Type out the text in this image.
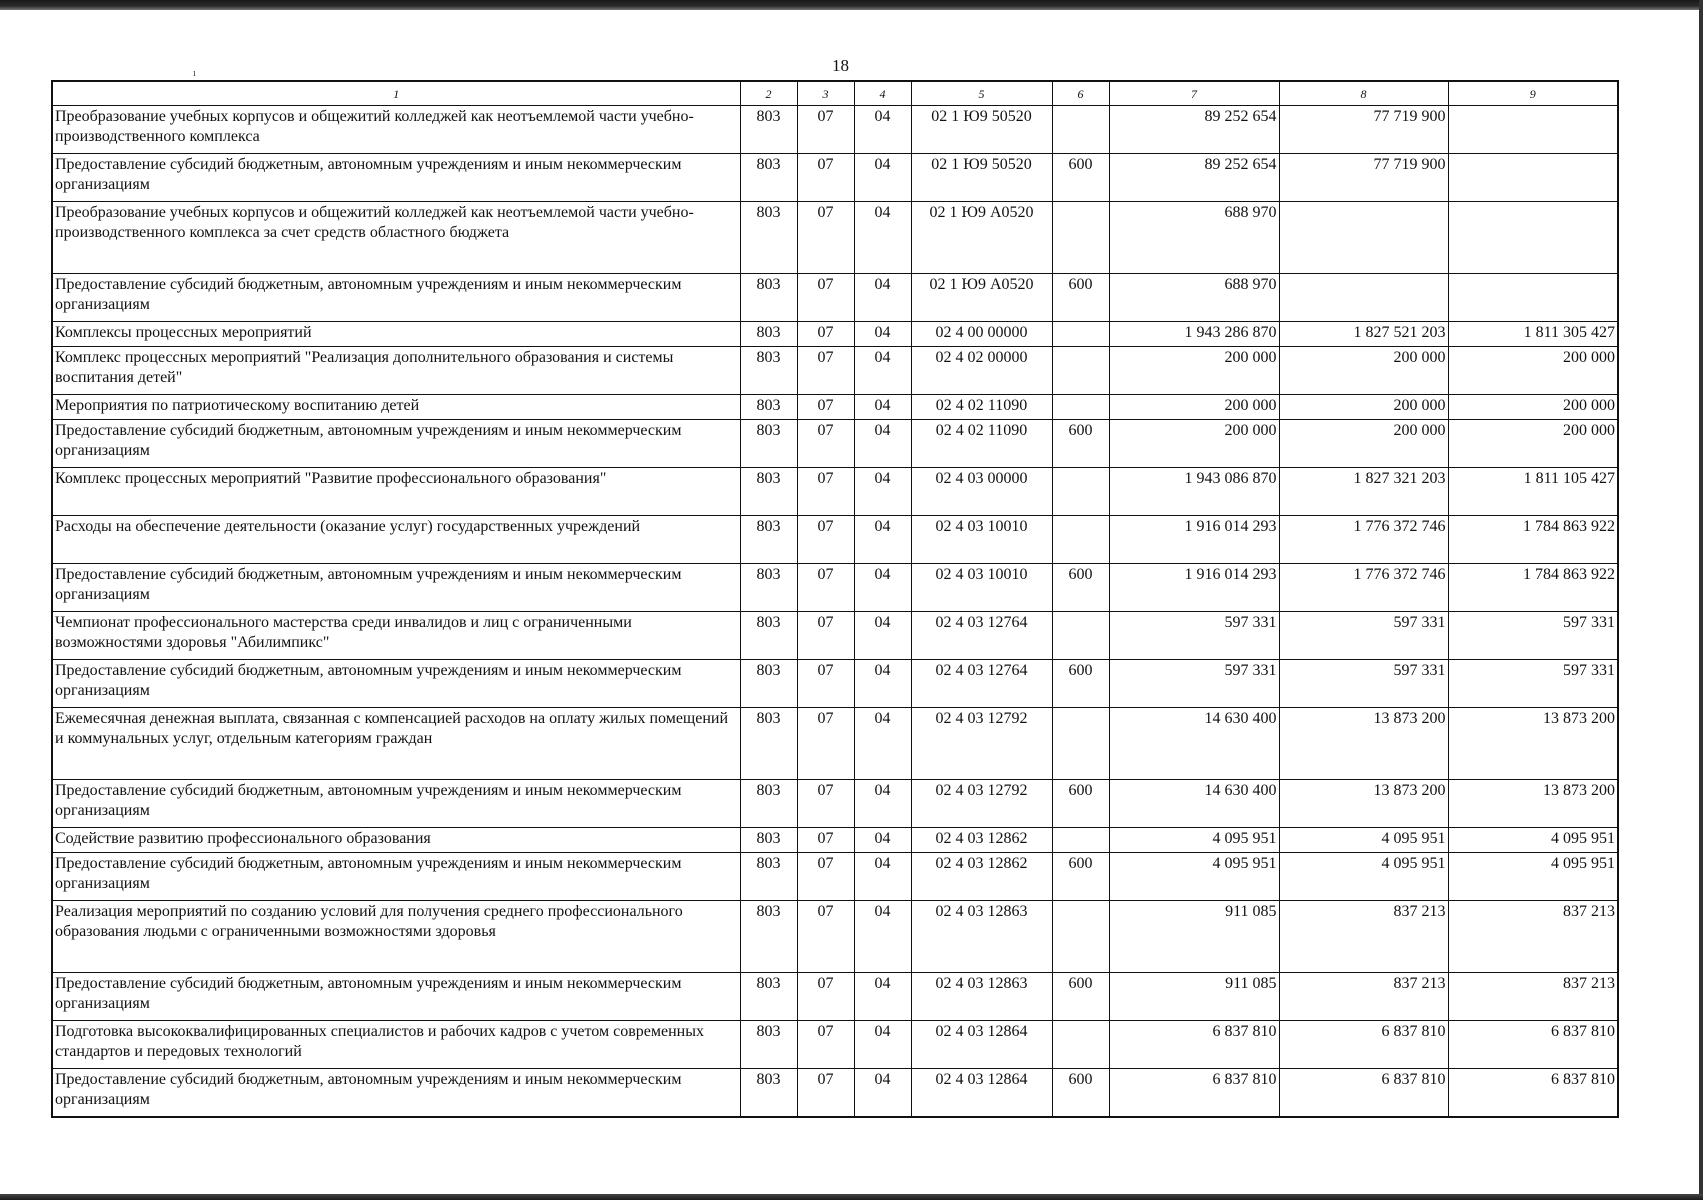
18
ı
1	2	3	4	5	6	7	8	9
Преобразование учебных корпусов и общежитий колледжей как неотъемлемой части учебно-производственного комплекса	803	07	04	02 1 Ю9 50520		89 252 654	77 719 900	
Предоставление субсидий бюджетным, автономным учреждениям и иным некоммерческим организациям	803	07	04	02 1 Ю9 50520	600	89 252 654	77 719 900	
Преобразование учебных корпусов и общежитий колледжей как неотъемлемой части учебно-производственного комплекса за счет средств областного бюджета	803	07	04	02 1 Ю9 А0520		688 970		
Предоставление субсидий бюджетным, автономным учреждениям и иным некоммерческим организациям	803	07	04	02 1 Ю9 А0520	600	688 970		
Комплексы процессных мероприятий	803	07	04	02 4 00 00000		1 943 286 870	1 827 521 203	1 811 305 427
Комплекс процессных мероприятий "Реализация дополнительного образования и системы воспитания детей"	803	07	04	02 4 02 00000		200 000	200 000	200 000
Мероприятия по патриотическому воспитанию детей	803	07	04	02 4 02 11090		200 000	200 000	200 000
Предоставление субсидий бюджетным, автономным учреждениям и иным некоммерческим организациям	803	07	04	02 4 02 11090	600	200 000	200 000	200 000
Комплекс процессных мероприятий "Развитие профессионального образования"	803	07	04	02 4 03 00000		1 943 086 870	1 827 321 203	1 811 105 427
Расходы на обеспечение деятельности (оказание услуг) государственных учреждений	803	07	04	02 4 03 10010		1 916 014 293	1 776 372 746	1 784 863 922
Предоставление субсидий бюджетным, автономным учреждениям и иным некоммерческим организациям	803	07	04	02 4 03 10010	600	1 916 014 293	1 776 372 746	1 784 863 922
Чемпионат профессионального мастерства среди инвалидов и лиц с ограниченными возможностями здоровья "Абилимпикс"	803	07	04	02 4 03 12764		597 331	597 331	597 331
Предоставление субсидий бюджетным, автономным учреждениям и иным некоммерческим организациям	803	07	04	02 4 03 12764	600	597 331	597 331	597 331
Ежемесячная денежная выплата, связанная с компенсацией расходов на оплату жилых помещений и коммунальных услуг, отдельным категориям граждан	803	07	04	02 4 03 12792		14 630 400	13 873 200	13 873 200
Предоставление субсидий бюджетным, автономным учреждениям и иным некоммерческим организациям	803	07	04	02 4 03 12792	600	14 630 400	13 873 200	13 873 200
Содействие развитию профессионального образования	803	07	04	02 4 03 12862		4 095 951	4 095 951	4 095 951
Предоставление субсидий бюджетным, автономным учреждениям и иным некоммерческим организациям	803	07	04	02 4 03 12862	600	4 095 951	4 095 951	4 095 951
Реализация мероприятий по созданию условий для получения среднего профессионального образования людьми с ограниченными возможностями здоровья	803	07	04	02 4 03 12863		911 085	837 213	837 213
Предоставление субсидий бюджетным, автономным учреждениям и иным некоммерческим организациям	803	07	04	02 4 03 12863	600	911 085	837 213	837 213
Подготовка высококвалифицированных специалистов и рабочих кадров с учетом современных стандартов и передовых технологий	803	07	04	02 4 03 12864		6 837 810	6 837 810	6 837 810
Предоставление субсидий бюджетным, автономным учреждениям и иным некоммерческим организациям	803	07	04	02 4 03 12864	600	6 837 810	6 837 810	6 837 810
